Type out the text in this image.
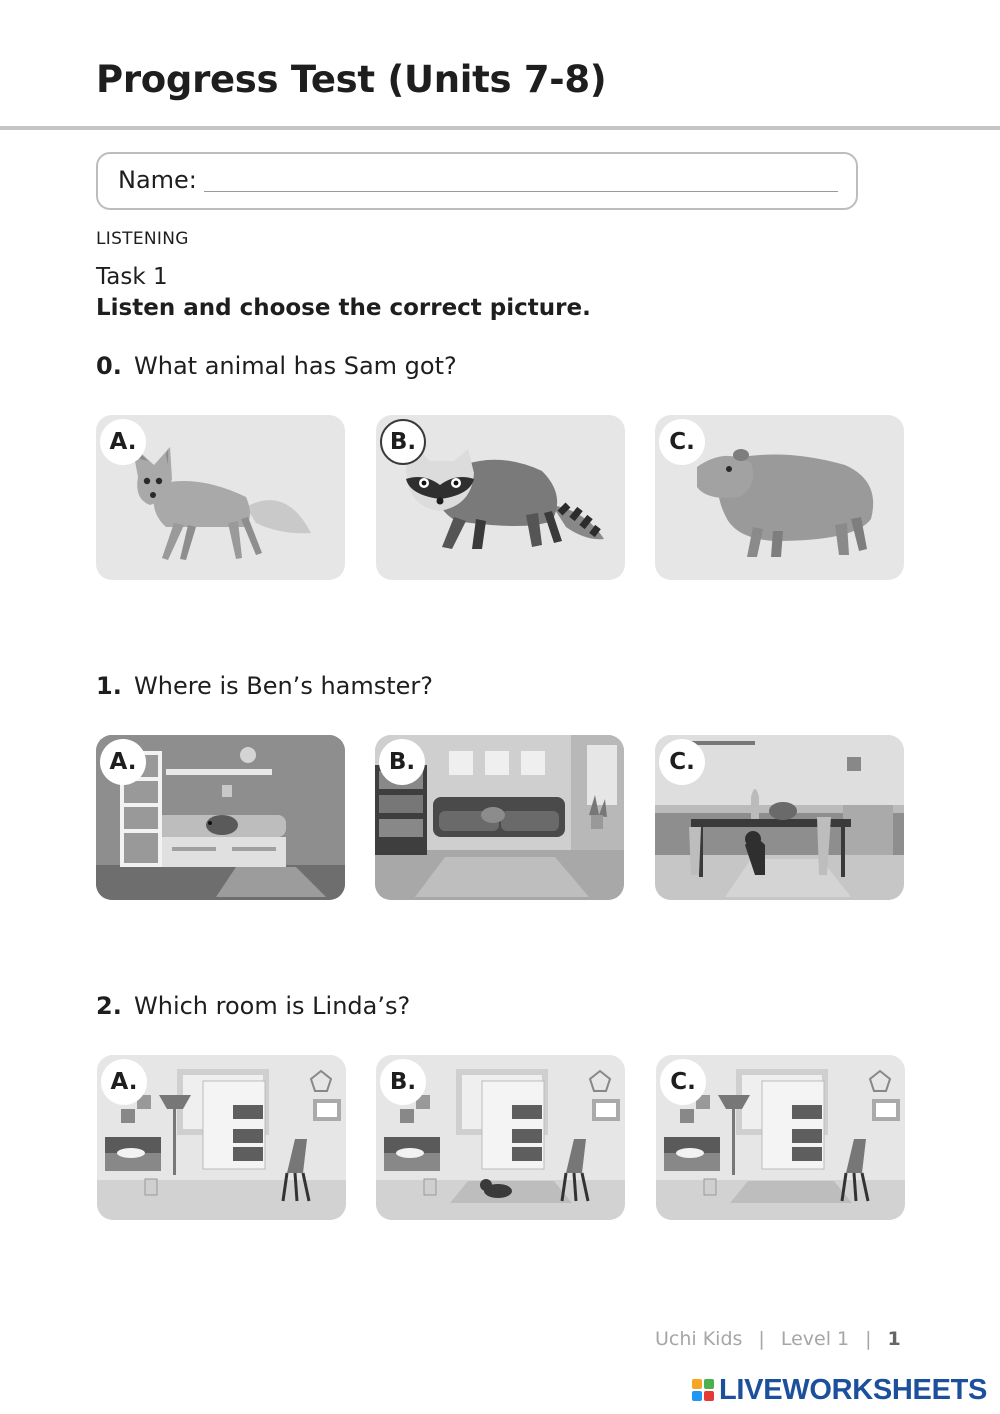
Progress Test (Units 7-8)
Name:
LISTENING
Task 1
Listen and choose the correct picture.
0. What animal has Sam got?
A.	B.	C.
1. Where is Ben’s hamster?
A.	B.	C.
2. Which room is Linda’s?
A.	B.	C.
Uchi Kids | Level 1 | 1
LIVEWORKSHEETS
